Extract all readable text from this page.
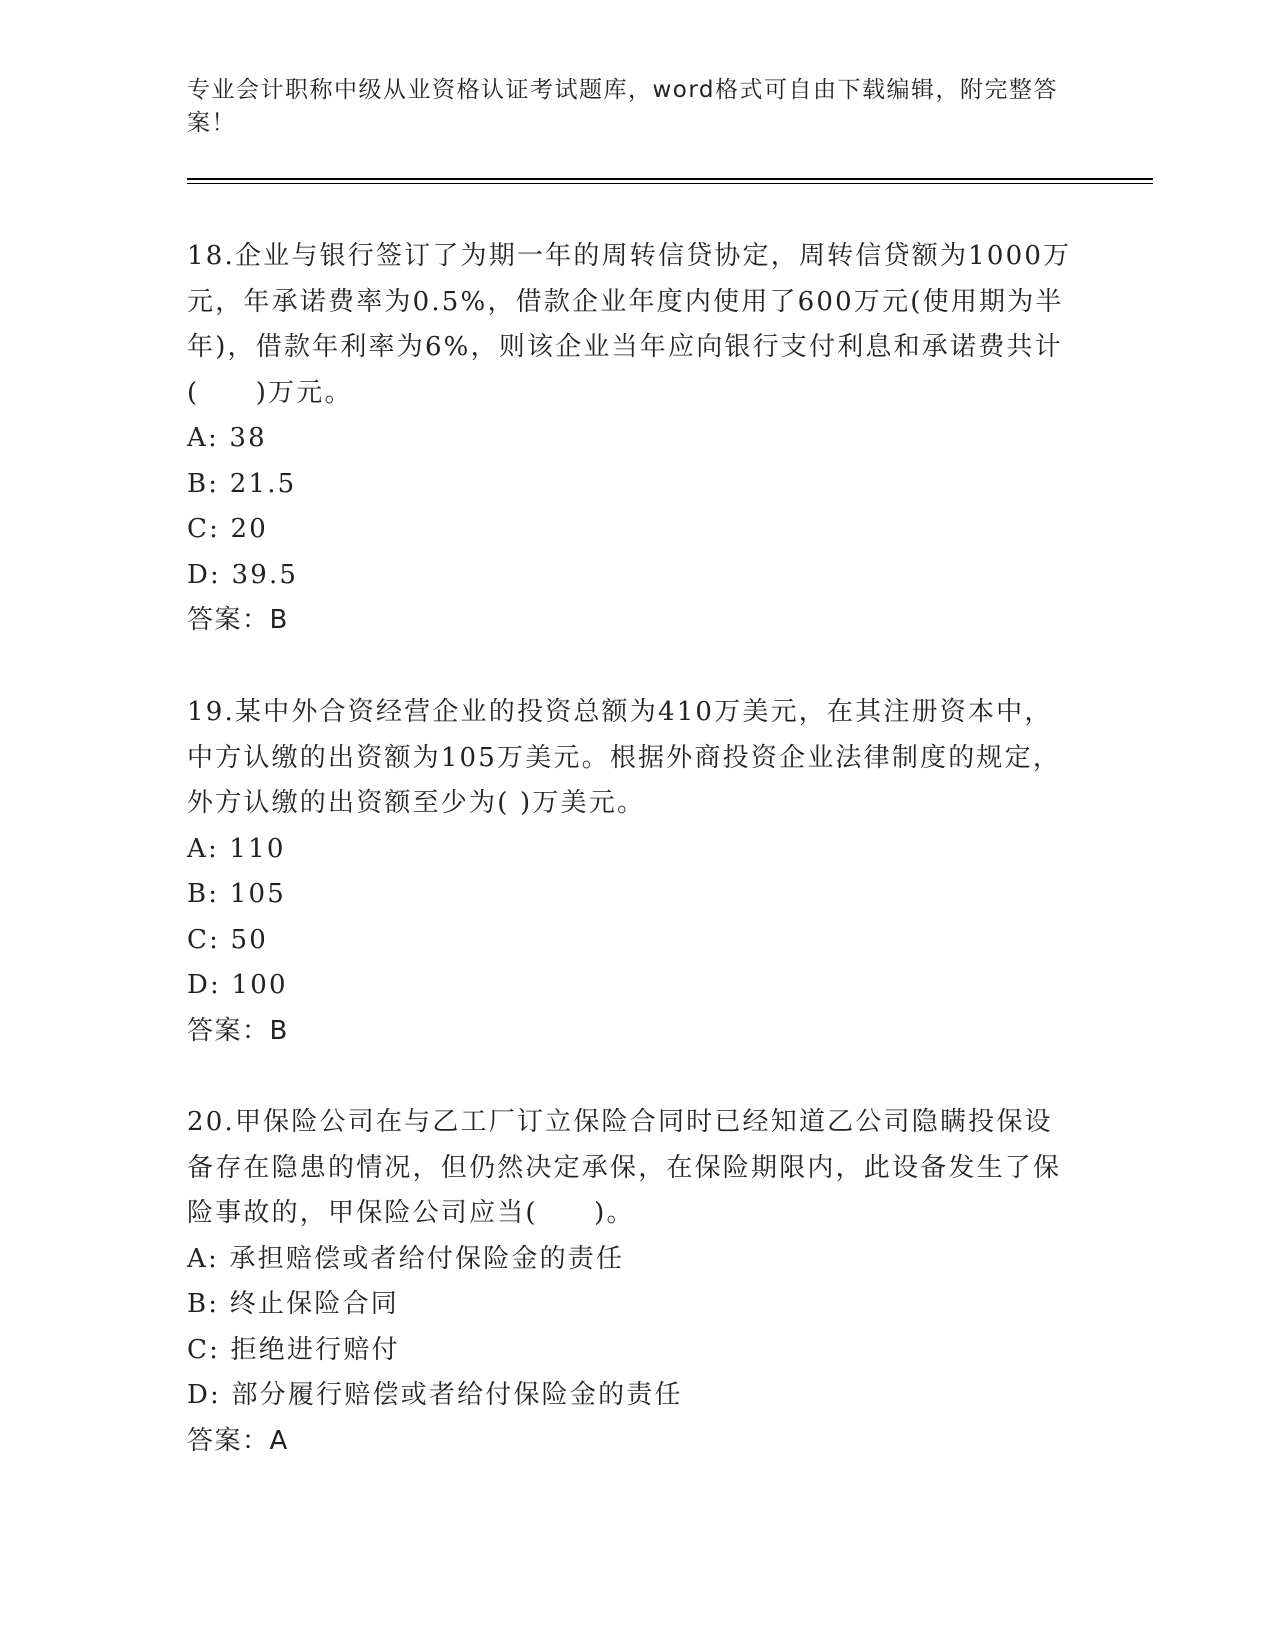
专业会计职称中级从业资格认证考试题库，word格式可自由下载编辑，附完整答案！

18.企业与银行签订了为期一年的周转信贷协定，周转信贷额为1000万元，年承诺费率为0.5%，借款企业年度内使用了600万元(使用期为半年)，借款年利率为6%，则该企业当年应向银行支付利息和承诺费共计(　　)万元。

A: 38

B: 21.5

C: 20

D: 39.5

答案：B

19.某中外合资经营企业的投资总额为410万美元，在其注册资本中，中方认缴的出资额为105万美元。根据外商投资企业法律制度的规定，外方认缴的出资额至少为( )万美元。

A: 110

B: 105

C: 50

D: 100

答案：B

20.甲保险公司在与乙工厂订立保险合同时已经知道乙公司隐瞒投保设备存在隐患的情况，但仍然决定承保，在保险期限内，此设备发生了保险事故的，甲保险公司应当(　　)。

A: 承担赔偿或者给付保险金的责任

B: 终止保险合同

C: 拒绝进行赔付

D: 部分履行赔偿或者给付保险金的责任

答案：A
